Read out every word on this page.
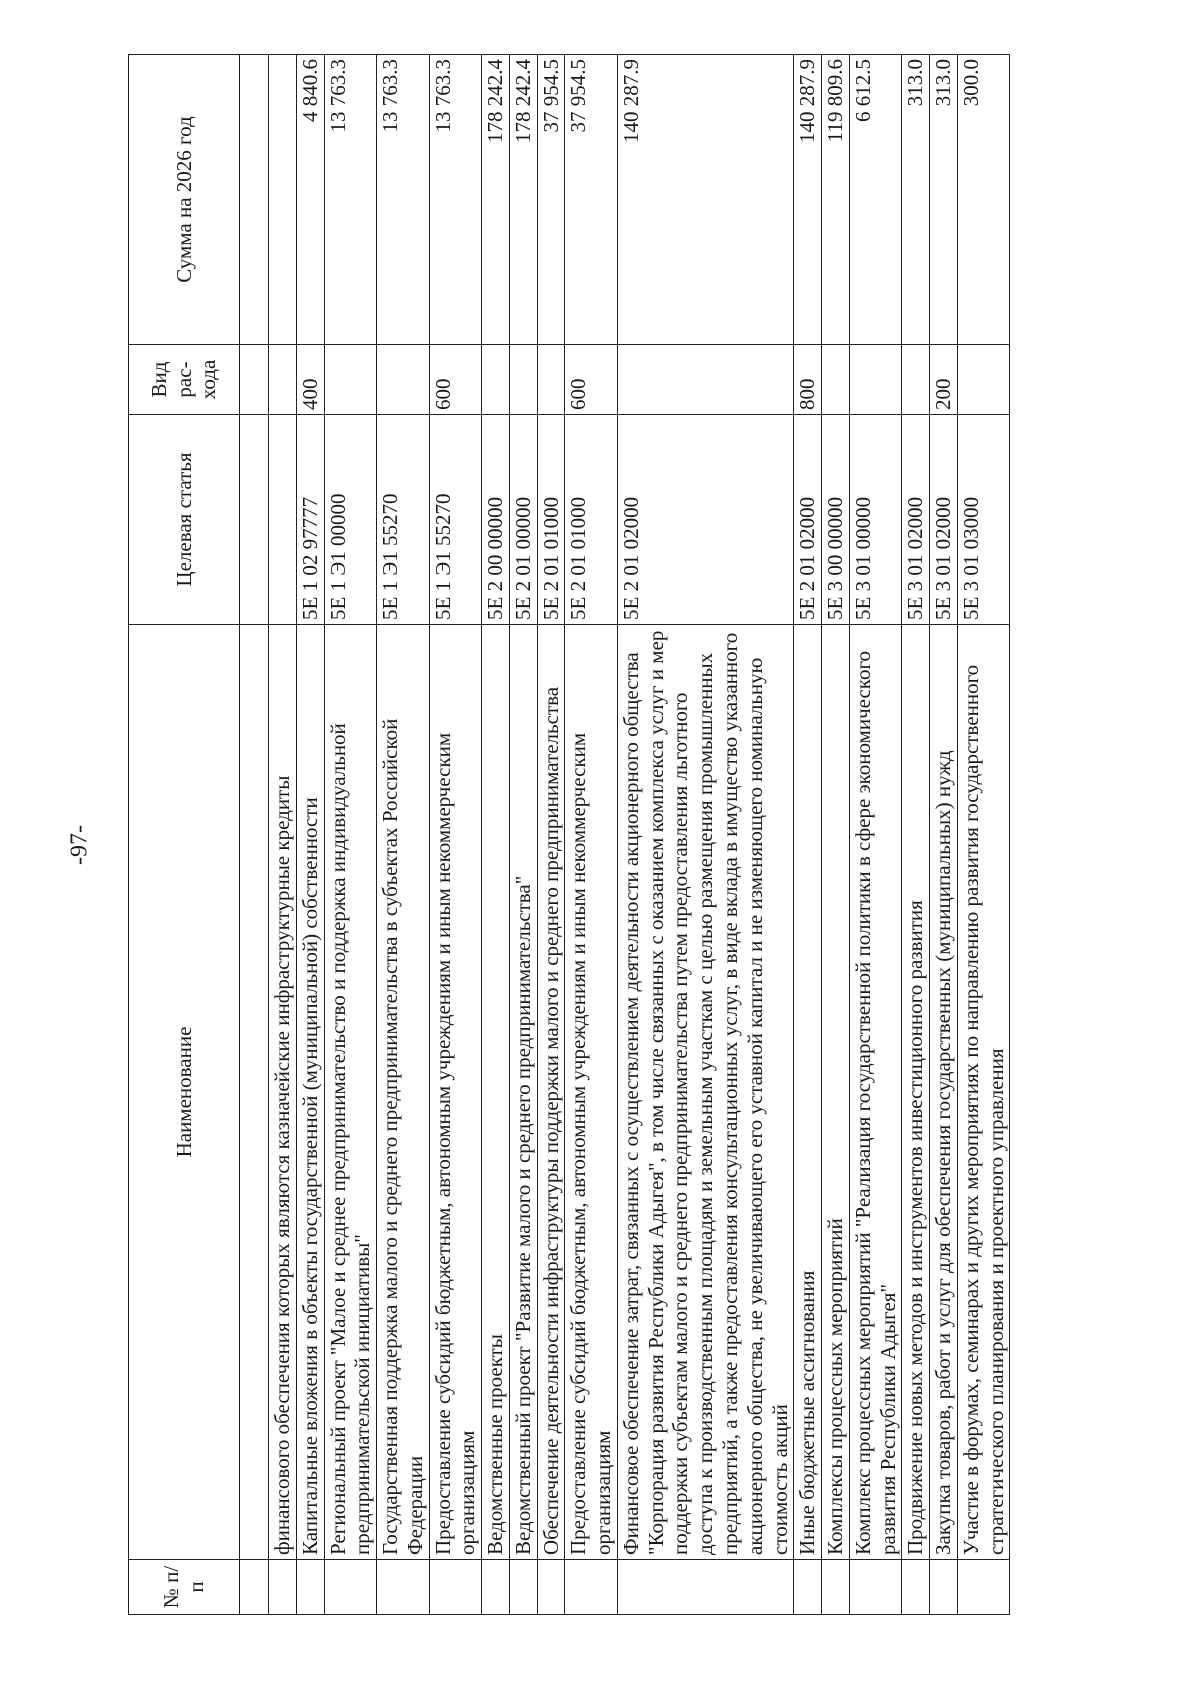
-97-
№ п/п	Наименование	Целевая статья	Вид рас-хода	Сумма на 2026 год

	финансового обеспечения которых являются казначейские инфраструктурные кредиты			
	Капитальные вложения в объекты государственной (муниципальной) собственности	5Е 1 02 97777	400	4 840.6
	Региональный проект "Малое и среднее предпринимательство и поддержка индивидуальной предпринимательской инициативы"	5Е 1 Э1 00000		13 763.3
	Государственная поддержка малого и среднего предпринимательства в субъектах Российской Федерации	5Е 1 Э1 55270		13 763.3
	Предоставление субсидий бюджетным, автономным учреждениям и иным некоммерческим организациям	5Е 1 Э1 55270	600	13 763.3
	Ведомственные проекты	5Е 2 00 00000		178 242.4
	Ведомственный проект "Развитие малого и среднего предпринимательства"	5Е 2 01 00000		178 242.4
	Обеспечение деятельности инфраструктуры поддержки малого и среднего предпринимательства	5Е 2 01 01000		37 954.5
	Предоставление субсидий бюджетным, автономным учреждениям и иным некоммерческим организациям	5Е 2 01 01000	600	37 954.5
	Финансовое обеспечение затрат, связанных с осуществлением деятельности акционерного общества "Корпорация развития Республики Адыгея", в том числе связанных с оказанием комплекса услуг и мер поддержки субъектам малого и среднего предпринимательства путем предоставления льготного доступа к производственным площадям и земельным участкам с целью размещения промышленных предприятий, а также предоставления консультационных услуг, в виде вклада в имущество указанного акционерного общества, не увеличивающего его уставной капитал и не изменяющего номинальную стоимость акций	5Е 2 01 02000		140 287.9
	Иные бюджетные ассигнования	5Е 2 01 02000	800	140 287.9
	Комплексы процессных мероприятий	5Е 3 00 00000		119 809.6
	Комплекс процессных мероприятий "Реализация государственной политики в сфере экономического развития Республики Адыгея"	5Е 3 01 00000		6 612.5
	Продвижение новых методов и инструментов инвестиционного развития	5Е 3 01 02000		313.0
	Закупка товаров, работ и услуг для обеспечения государственных (муниципальных) нужд	5Е 3 01 02000	200	313.0
	Участие в форумах, семинарах и других мероприятиях по направлению развития государственного стратегического планирования и проектного управления	5Е 3 01 03000		300.0
